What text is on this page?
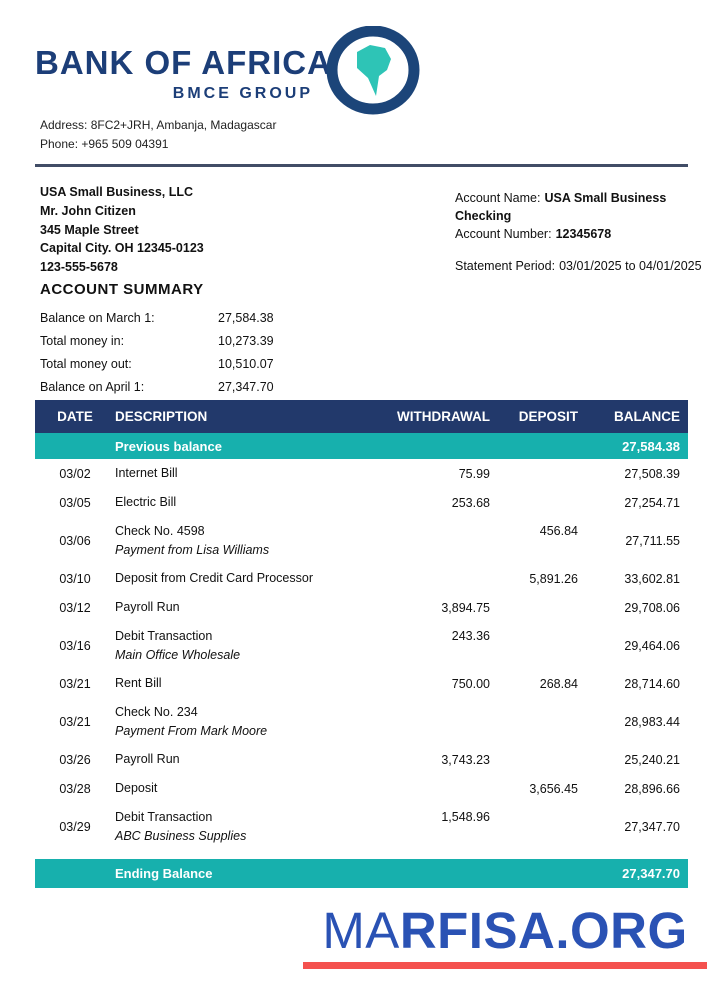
BANK OF AFRICA
BMCE GROUP
Address: 8FC2+JRH, Ambanja, Madagascar
Phone: +965 509 04391
USA Small Business, LLC
Mr. John Citizen
345 Maple Street
Capital City. OH 12345-0123
123-555-5678
Account Name: USA Small Business Checking
Account Number: 12345678
Statement Period: 03/01/2025 to 04/01/2025
ACCOUNT SUMMARY
Balance on March 1:	27,584.38
Total money in:	10,273.39
Total money out:	10,510.07
Balance on April 1:	27,347.70
DATE	DESCRIPTION	WITHDRAWAL	DEPOSIT	BALANCE
	Previous balance			27,584.38
03/02	Internet Bill	75.99		27,508.39
03/05	Electric Bill	253.68		27,254.71
03/06	Check No. 4598
Payment from Lisa Williams		456.84	27,711.55
03/10	Deposit from Credit Card Processor		5,891.26	33,602.81
03/12	Payroll Run	3,894.75		29,708.06
03/16	Debit Transaction
Main Office Wholesale	243.36		29,464.06
03/21	Rent Bill	750.00	268.84	28,714.60
03/21	Check No. 234
Payment From Mark Moore			28,983.44
03/26	Payroll Run	3,743.23		25,240.21
03/28	Deposit		3,656.45	28,896.66
03/29	Debit Transaction
ABC Business Supplies	1,548.96		27,347.70
Ending Balance	27,347.70
MARFISA.ORG
